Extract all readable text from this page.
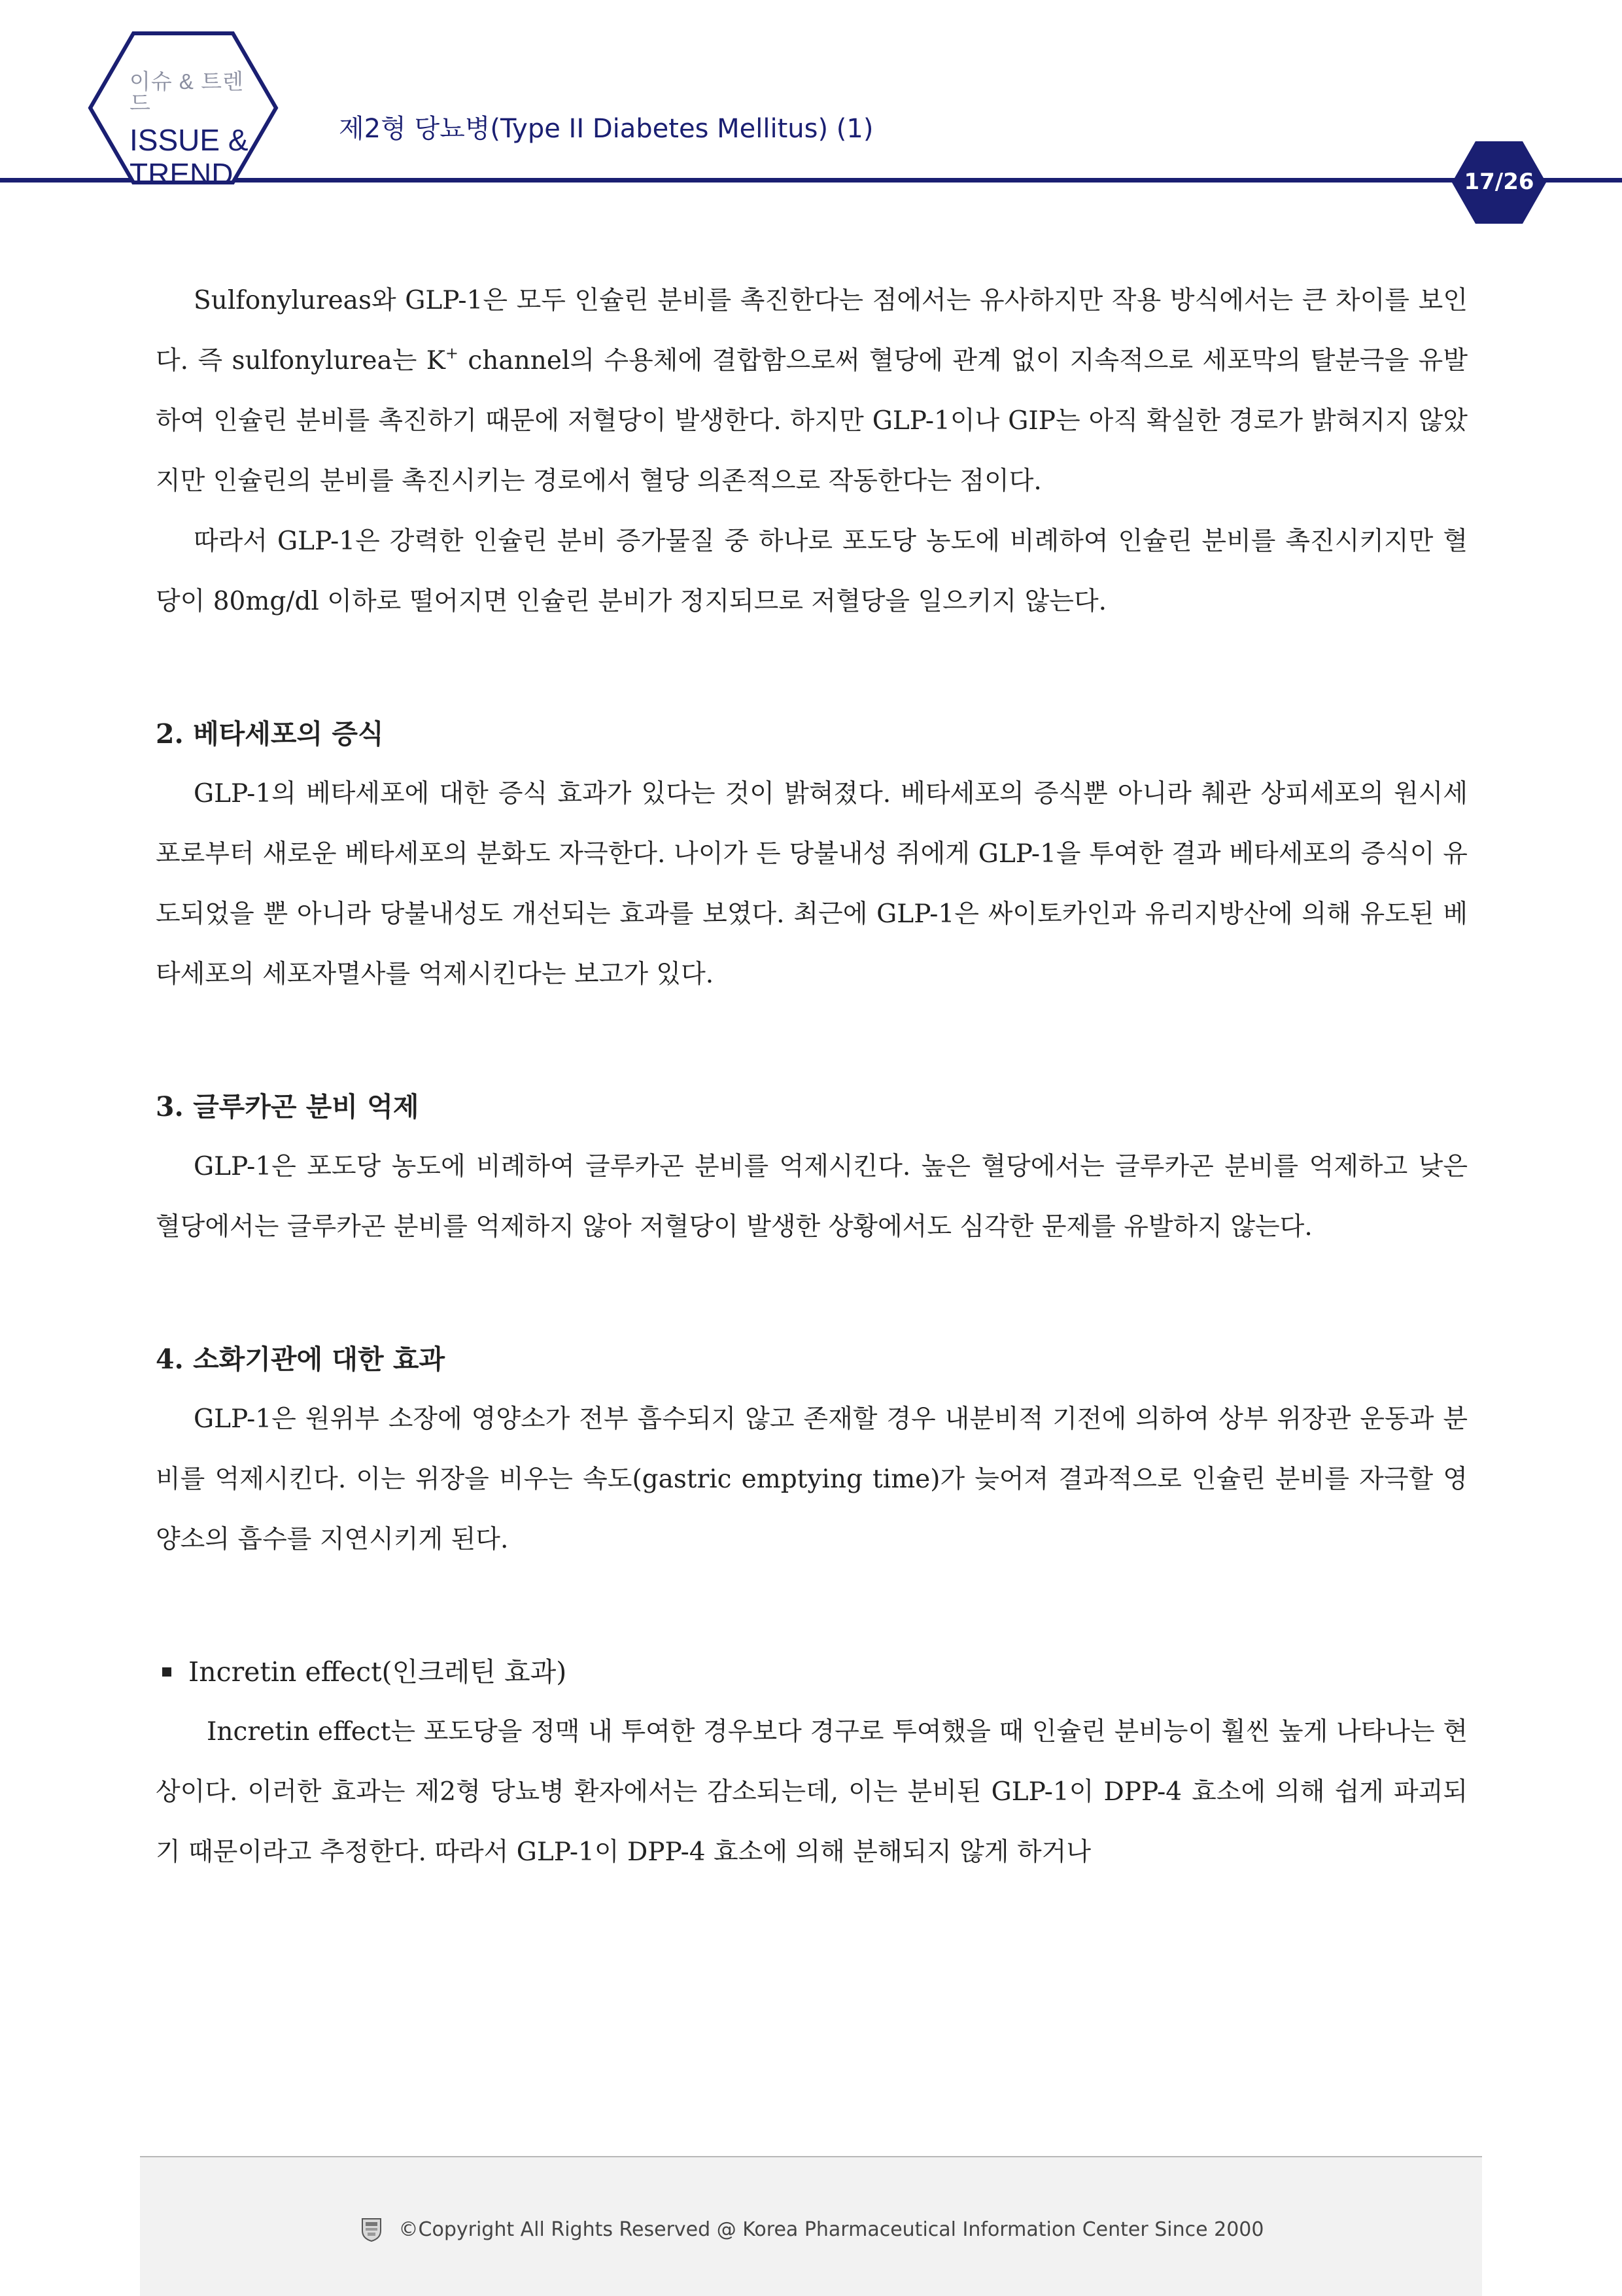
이슈 & 트렌드
ISSUE &
TREND
제2형 당뇨병(Type II Diabetes Mellitus) (1)
17/26

Sulfonylureas와 GLP-1은 모두 인슐린 분비를 촉진한다는 점에서는 유사하지만 작용 방식에서는 큰 차이를 보인다. 즉 sulfonylurea는 K+ channel의 수용체에 결합함으로써 혈당에 관계 없이 지속적으로 세포막의 탈분극을 유발하여 인슐린 분비를 촉진하기 때문에 저혈당이 발생한다. 하지만 GLP-1이나 GIP는 아직 확실한 경로가 밝혀지지 않았지만 인슐린의 분비를 촉진시키는 경로에서 혈당 의존적으로 작동한다는 점이다.

따라서 GLP-1은 강력한 인슐린 분비 증가물질 중 하나로 포도당 농도에 비례하여 인슐린 분비를 촉진시키지만 혈당이 80mg/dl 이하로 떨어지면 인슐린 분비가 정지되므로 저혈당을 일으키지 않는다.

2. 베타세포의 증식

GLP-1의 베타세포에 대한 증식 효과가 있다는 것이 밝혀졌다. 베타세포의 증식뿐 아니라 췌관 상피세포의 원시세포로부터 새로운 베타세포의 분화도 자극한다. 나이가 든 당불내성 쥐에게 GLP-1을 투여한 결과 베타세포의 증식이 유도되었을 뿐 아니라 당불내성도 개선되는 효과를 보였다. 최근에 GLP-1은 싸이토카인과 유리지방산에 의해 유도된 베타세포의 세포자멸사를 억제시킨다는 보고가 있다.

3. 글루카곤 분비 억제

GLP-1은 포도당 농도에 비례하여 글루카곤 분비를 억제시킨다. 높은 혈당에서는 글루카곤 분비를 억제하고 낮은 혈당에서는 글루카곤 분비를 억제하지 않아 저혈당이 발생한 상황에서도 심각한 문제를 유발하지 않는다.

4. 소화기관에 대한 효과

GLP-1은 원위부 소장에 영양소가 전부 흡수되지 않고 존재할 경우 내분비적 기전에 의하여 상부 위장관 운동과 분비를 억제시킨다. 이는 위장을 비우는 속도(gastric emptying time)가 늦어져 결과적으로 인슐린 분비를 자극할 영양소의 흡수를 지연시키게 된다.

Incretin effect(인크레틴 효과)

Incretin effect는 포도당을 정맥 내 투여한 경우보다 경구로 투여했을 때 인슐린 분비능이 훨씬 높게 나타나는 현상이다. 이러한 효과는 제2형 당뇨병 환자에서는 감소되는데, 이는 분비된 GLP-1이 DPP-4 효소에 의해 쉽게 파괴되기 때문이라고 추정한다. 따라서 GLP-1이 DPP-4 효소에 의해 분해되지 않게 하거나

©Copyright All Rights Reserved @ Korea Pharmaceutical Information Center Since 2000
